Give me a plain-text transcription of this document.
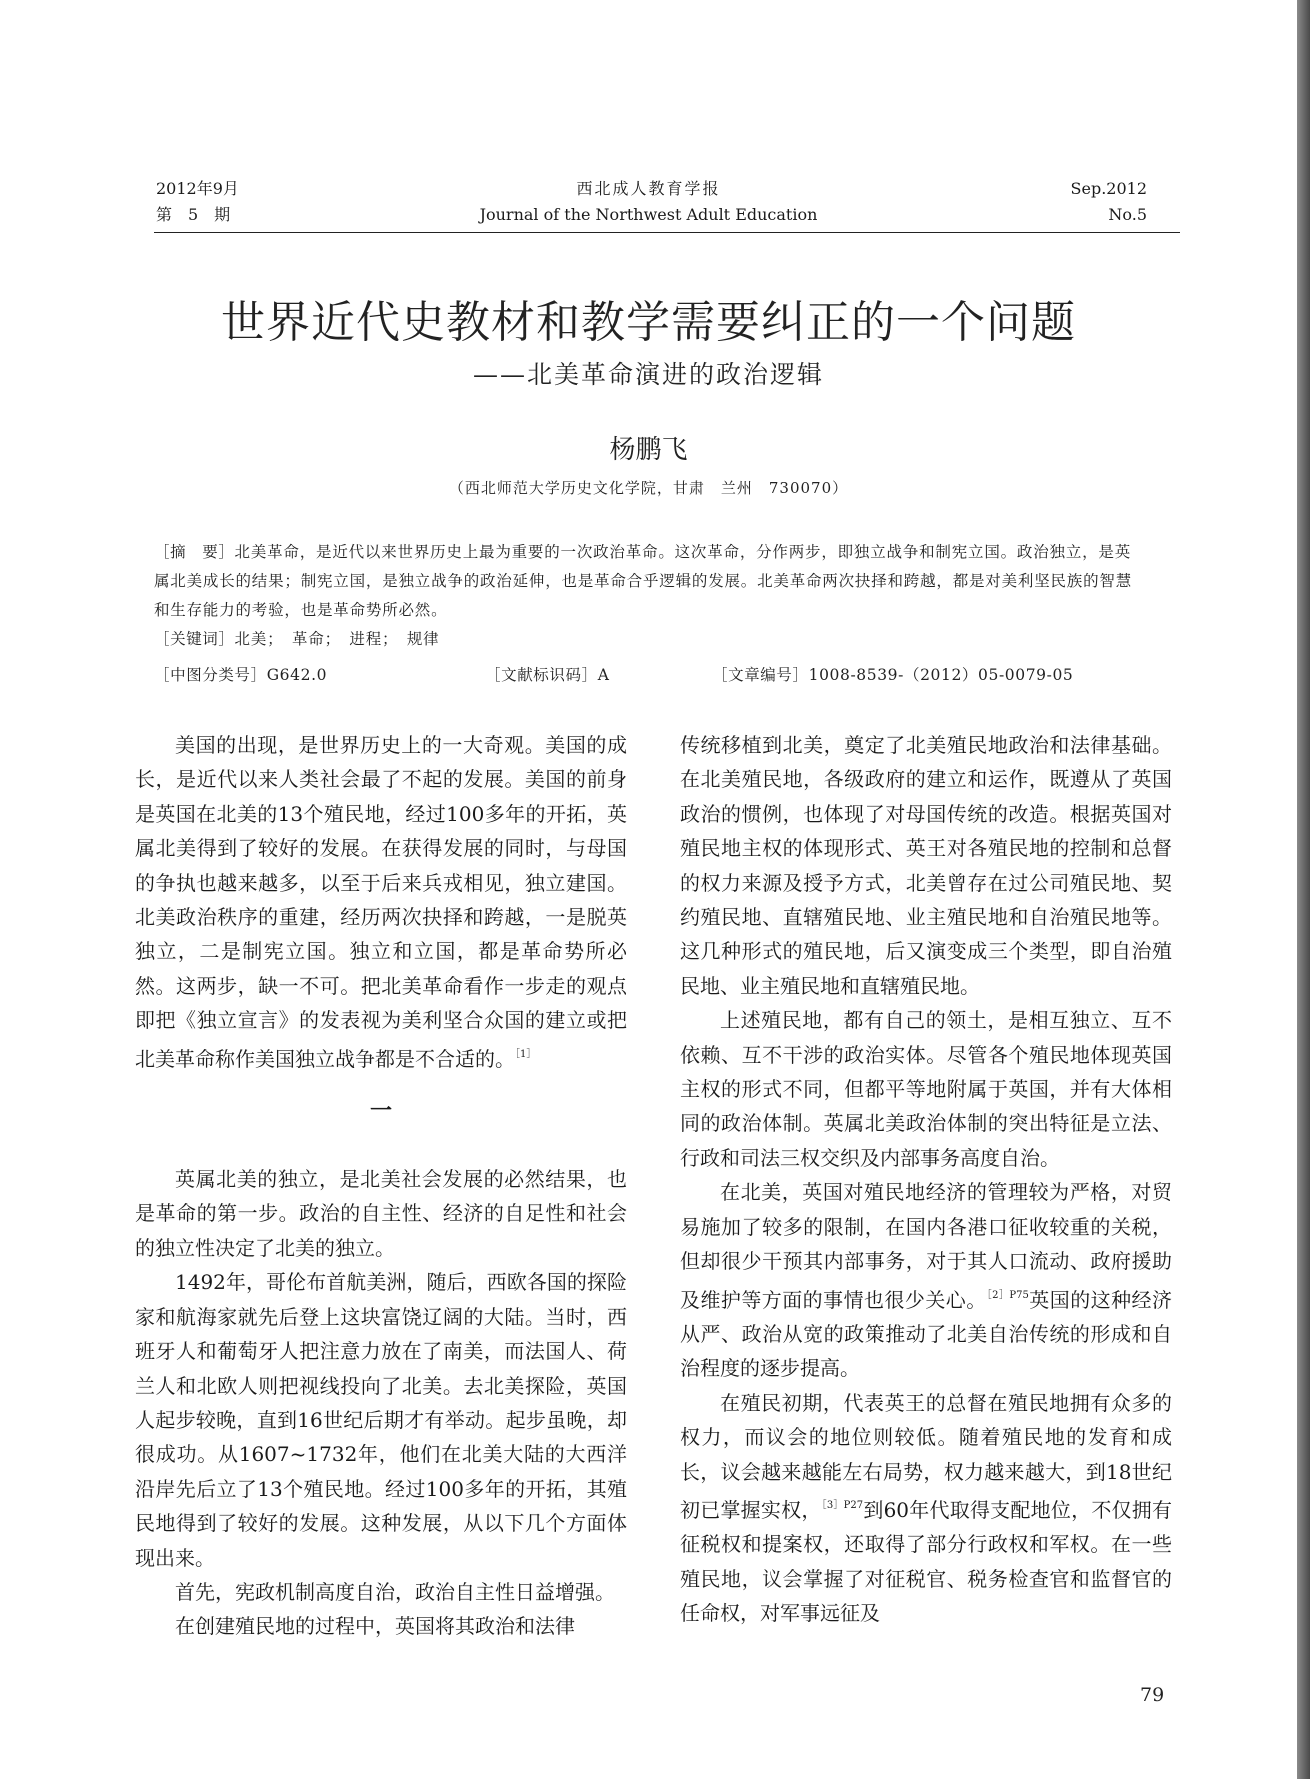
2012年9月
第　5　期
西北成人教育学报
Journal of the Northwest Adult Education
Sep.2012
No.5
世界近代史教材和教学需要纠正的一个问题
——北美革命演进的政治逻辑
杨鹏飞
（西北师范大学历史文化学院，甘肃　兰州　730070）
［摘　要］北美革命，是近代以来世界历史上最为重要的一次政治革命。这次革命，分作两步，即独立战争和制宪立国。政治独立，是英属北美成长的结果；制宪立国，是独立战争的政治延伸，也是革命合乎逻辑的发展。北美革命两次抉择和跨越，都是对美利坚民族的智慧和生存能力的考验，也是革命势所必然。
［关键词］北美；　革命；　进程；　规律
［中图分类号］G642.0	［文献标识码］A	［文章编号］1008-8539-（2012）05-0079-05

美国的出现，是世界历史上的一大奇观。美国的成长，是近代以来人类社会最了不起的发展。美国的前身是英国在北美的13个殖民地，经过100多年的开拓，英属北美得到了较好的发展。在获得发展的同时，与母国的争执也越来越多，以至于后来兵戎相见，独立建国。北美政治秩序的重建，经历两次抉择和跨越，一是脱英独立，二是制宪立国。独立和立国，都是革命势所必然。这两步，缺一不可。把北美革命看作一步走的观点即把《独立宣言》的发表视为美利坚合众国的建立或把北美革命称作美国独立战争都是不合适的。$^{[1]}$

一

英属北美的独立，是北美社会发展的必然结果，也是革命的第一步。政治的自主性、经济的自足性和社会的独立性决定了北美的独立。

1492年，哥伦布首航美洲，随后，西欧各国的探险家和航海家就先后登上这块富饶辽阔的大陆。当时，西班牙人和葡萄牙人把注意力放在了南美，而法国人、荷兰人和北欧人则把视线投向了北美。去北美探险，英国人起步较晚，直到16世纪后期才有举动。起步虽晚，却很成功。从1607~1732年，他们在北美大陆的大西洋沿岸先后立了13个殖民地。经过100多年的开拓，其殖民地得到了较好的发展。这种发展，从以下几个方面体现出来。

首先，宪政机制高度自治，政治自主性日益增强。

在创建殖民地的过程中，英国将其政治和法律

传统移植到北美，奠定了北美殖民地政治和法律基础。在北美殖民地，各级政府的建立和运作，既遵从了英国政治的惯例，也体现了对母国传统的改造。根据英国对殖民地主权的体现形式、英王对各殖民地的控制和总督的权力来源及授予方式，北美曾存在过公司殖民地、契约殖民地、直辖殖民地、业主殖民地和自治殖民地等。这几种形式的殖民地，后又演变成三个类型，即自治殖民地、业主殖民地和直辖殖民地。

上述殖民地，都有自己的领土，是相互独立、互不依赖、互不干涉的政治实体。尽管各个殖民地体现英国主权的形式不同，但都平等地附属于英国，并有大体相同的政治体制。英属北美政治体制的突出特征是立法、行政和司法三权交织及内部事务高度自治。

在北美，英国对殖民地经济的管理较为严格，对贸易施加了较多的限制，在国内各港口征收较重的关税，但却很少干预其内部事务，对于其人口流动、政府援助及维护等方面的事情也很少关心。$^{[2]P75}$英国的这种经济从严、政治从宽的政策推动了北美自治传统的形成和自治程度的逐步提高。

在殖民初期，代表英王的总督在殖民地拥有众多的权力，而议会的地位则较低。随着殖民地的发育和成长，议会越来越能左右局势，权力越来越大，到18世纪初已掌握实权，$^{[3]P27}$到60年代取得支配地位，不仅拥有征税权和提案权，还取得了部分行政权和军权。在一些殖民地，议会掌握了对征税官、税务检查官和监督官的任命权，对军事远征及

79
